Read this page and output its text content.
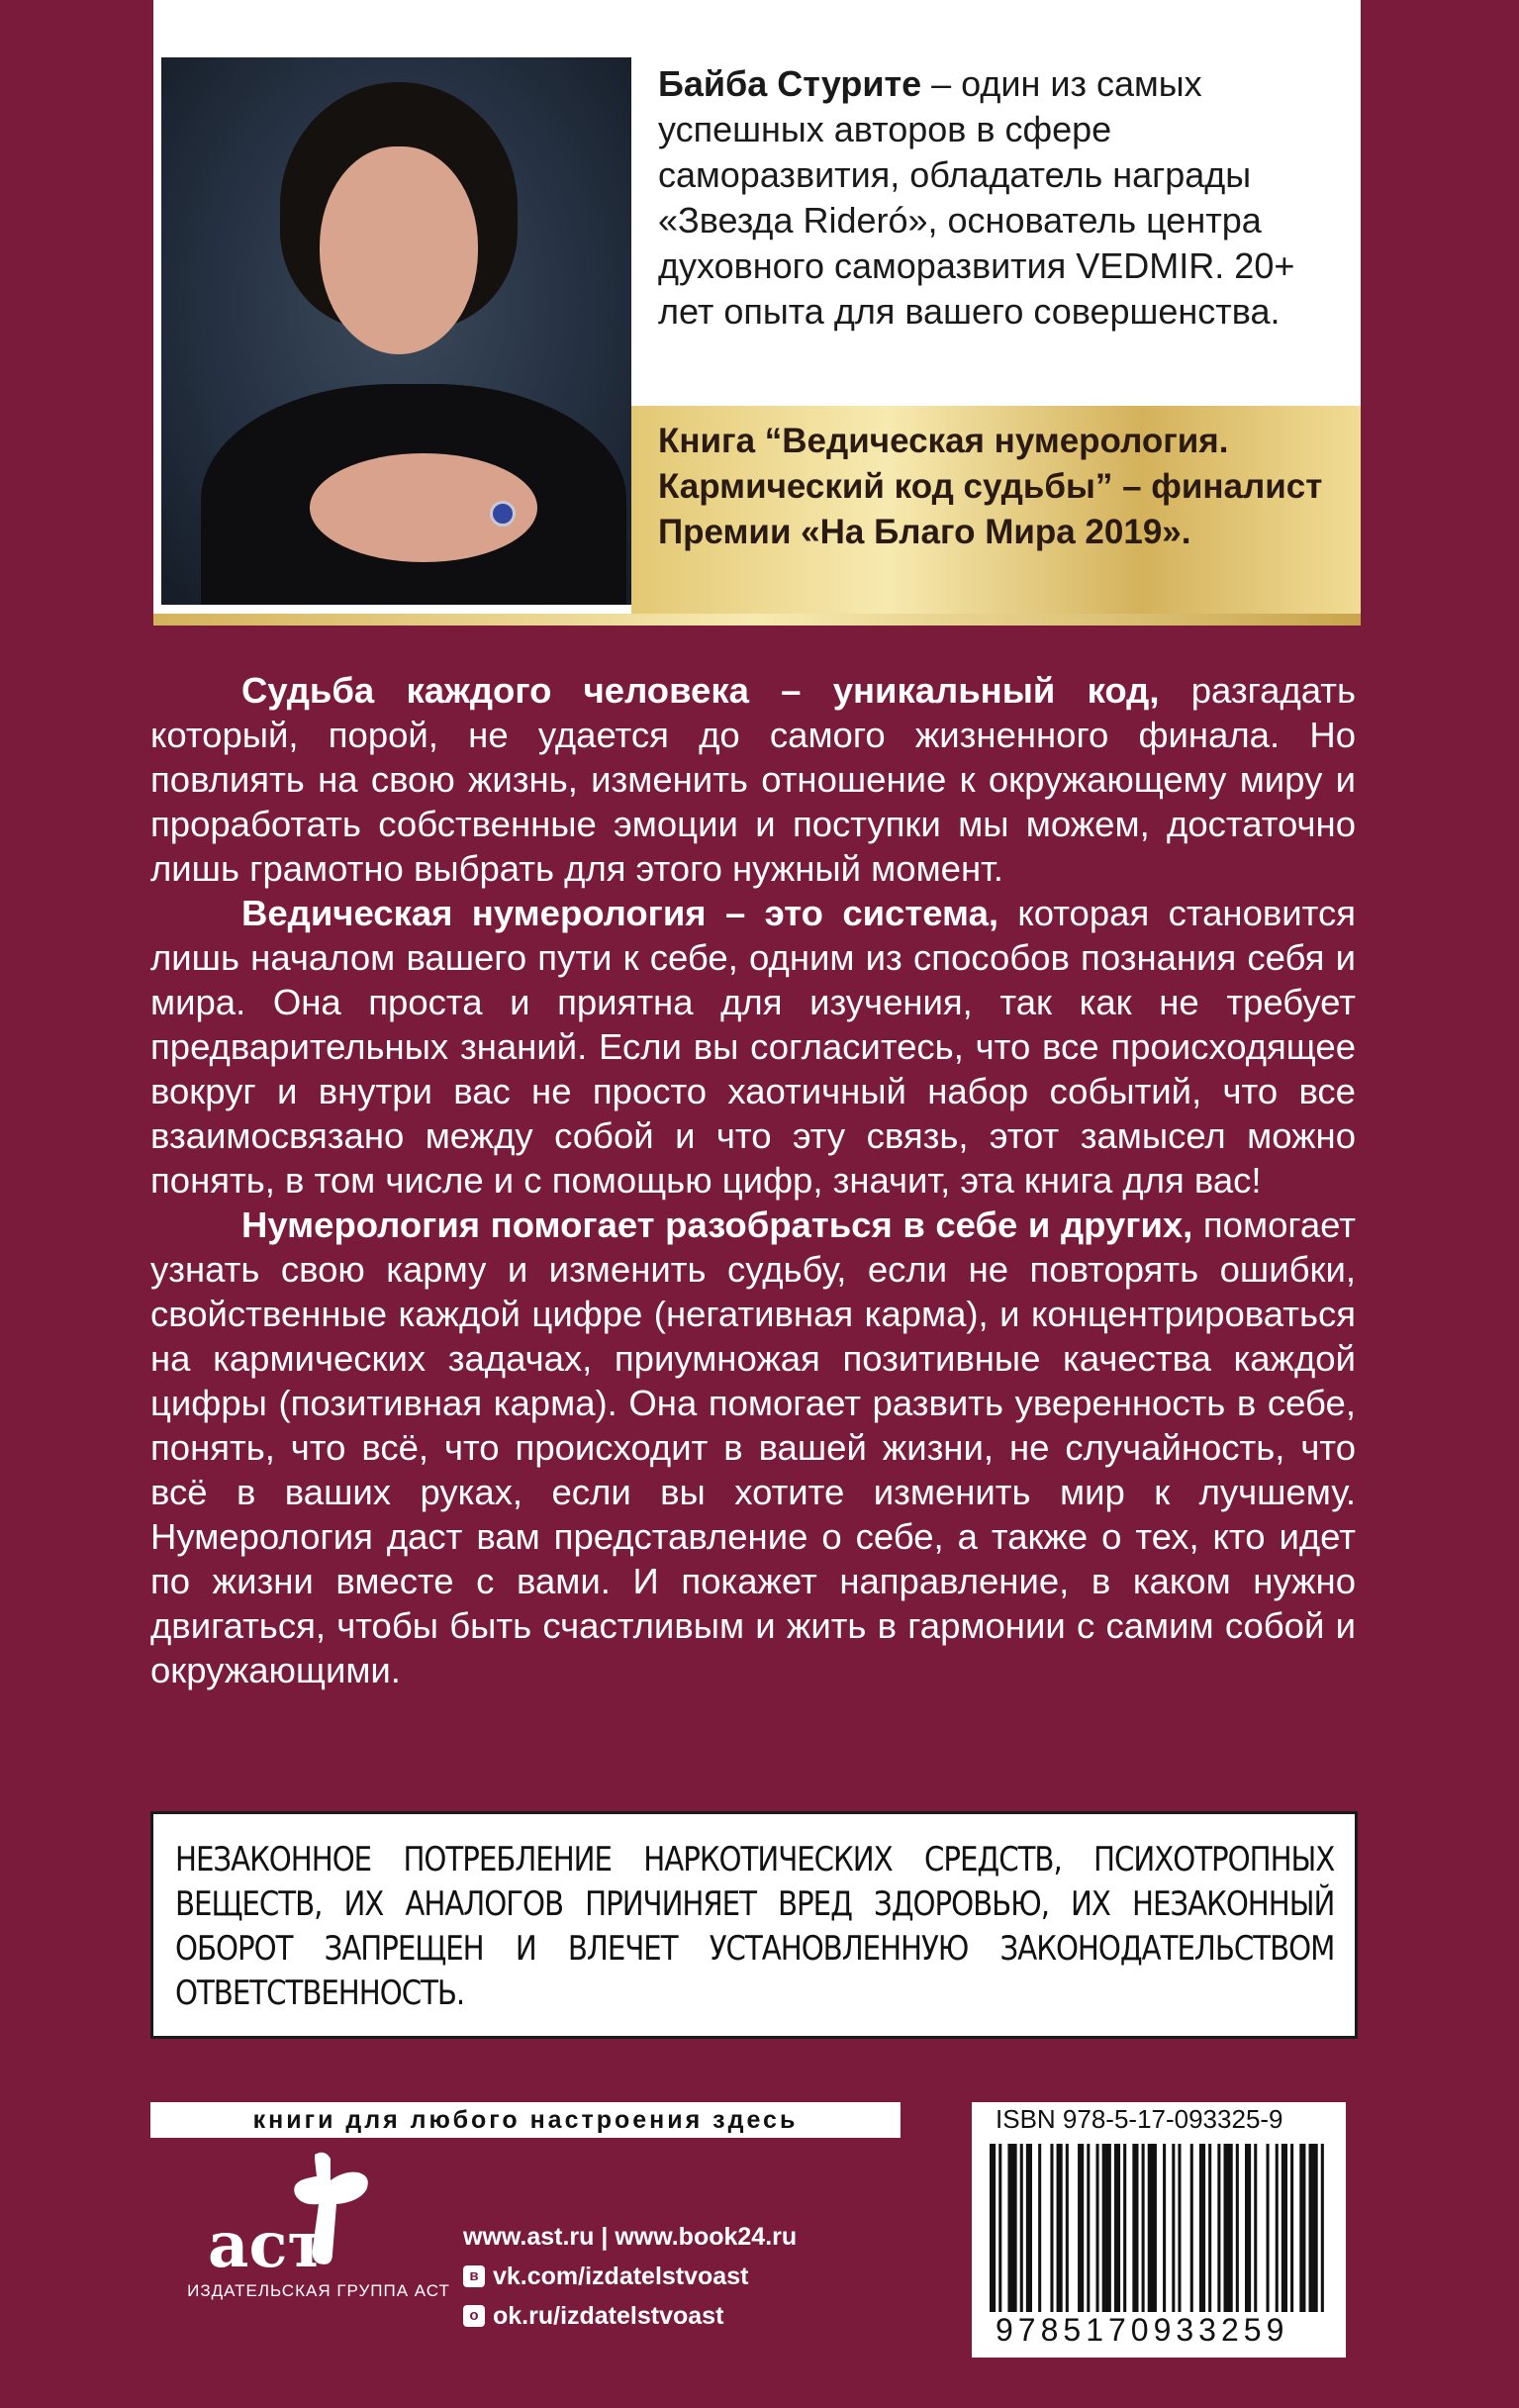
Байба Стурите – один из самых успешных авторов в сфере саморазвития, обладатель награды «Звезда Rideró», основатель центра духовного саморазвития VEDMIR. 20+ лет опыта для вашего совершенства.
Книга “Ведическая нумерология. Кармический код судьбы” – финалист Премии «На Благо Мира 2019».

Судьба каждого человека – уникальный код, разгадать который, порой, не удается до самого жизненного финала. Но повлиять на свою жизнь, изменить отношение к окружающему миру и проработать собственные эмоции и поступки мы можем, достаточно лишь грамотно выбрать для этого нужный момент.

Ведическая нумерология – это система, которая становится лишь началом вашего пути к себе, одним из способов познания себя и мира. Она проста и приятна для изучения, так как не требует предварительных знаний. Если вы согласитесь, что все происходящее вокруг и внутри вас не просто хаотичный набор событий, что все взаимосвязано между собой и что эту связь, этот замысел можно понять, в том числе и с помощью цифр, значит, эта книга для вас!

Нумерология помогает разобраться в себе и других, помогает узнать свою карму и изменить судьбу, если не повторять ошибки, свойственные каждой цифре (негативная карма), и концентрироваться на кармических задачах, приумножая позитивные качества каждой цифры (позитивная карма). Она помогает развить уверенность в себе, понять, что всё, что происходит в вашей жизни, не случайность, что всё в ваших руках, если вы хотите изменить мир к лучшему. Нумерология даст вам представление о себе, а также о тех, кто идет по жизни вместе с вами. И покажет направление, в каком нужно двигаться, чтобы быть счастливым и жить в гармонии с самим собой и окружающими.

НЕЗАКОННОЕ ПОТРЕБЛЕНИЕ НАРКОТИЧЕСКИХ СРЕДСТВ, ПСИХОТРОПНЫХ ВЕЩЕСТВ, ИХ АНАЛОГОВ ПРИЧИНЯЕТ ВРЕД ЗДОРОВЬЮ, ИХ НЕЗАКОННЫЙ ОБОРОТ ЗАПРЕЩЕН И ВЛЕЧЕТ УСТАНОВЛЕННУЮ ЗАКОНОДАТЕЛЬСТВОМ ОТВЕТСТВЕННОСТЬ.
книги для любого настроения здесь
аст
ИЗДАТЕЛЬСКАЯ ГРУППА АСТ
www.ast.ru | www.book24.ru
в vk.com/izdatelstvoast
о ok.ru/izdatelstvoast
ISBN 978-5-17-093325-9
9785170933259
